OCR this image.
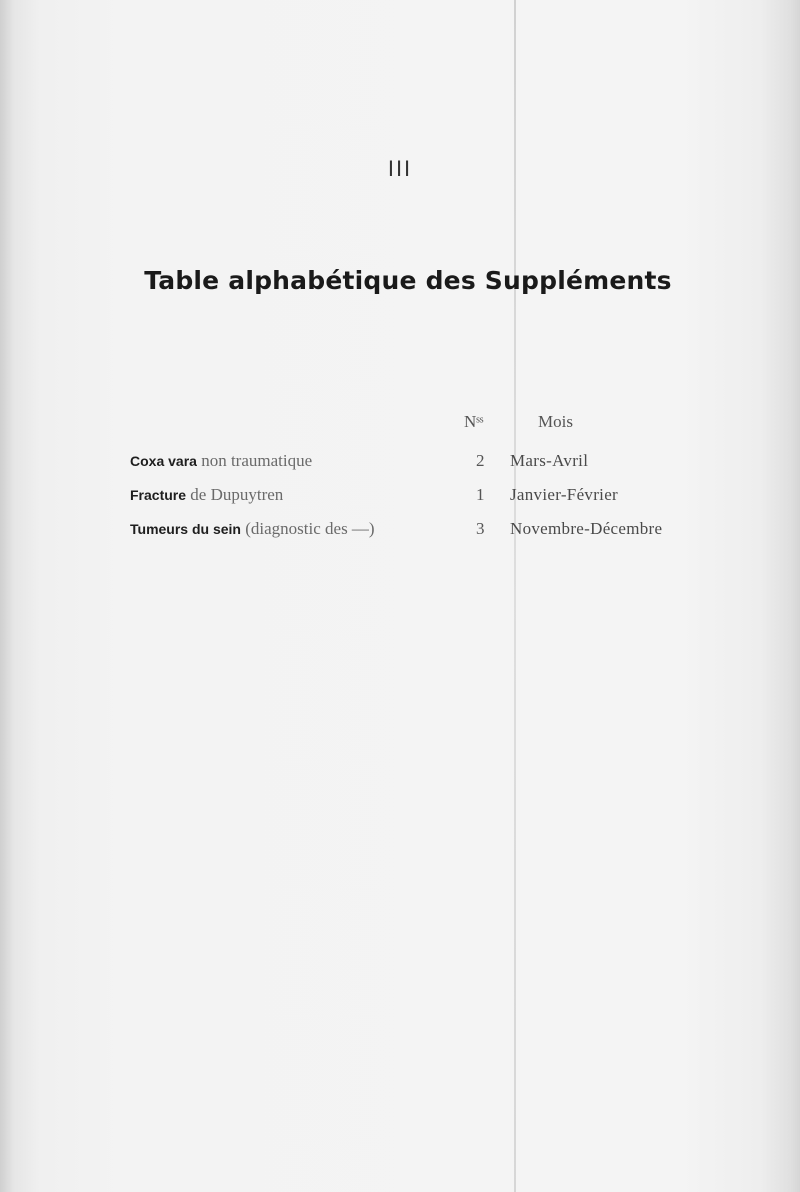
III
Table alphabétique des Suppléments
Nˢˢ	Mois
Coxa vara non traumatique	2 Mars-Avril
Fracture de Dupuytren	1 Janvier-Février
Tumeurs du sein (diagnostic des —)	3 Novembre-Décembre
